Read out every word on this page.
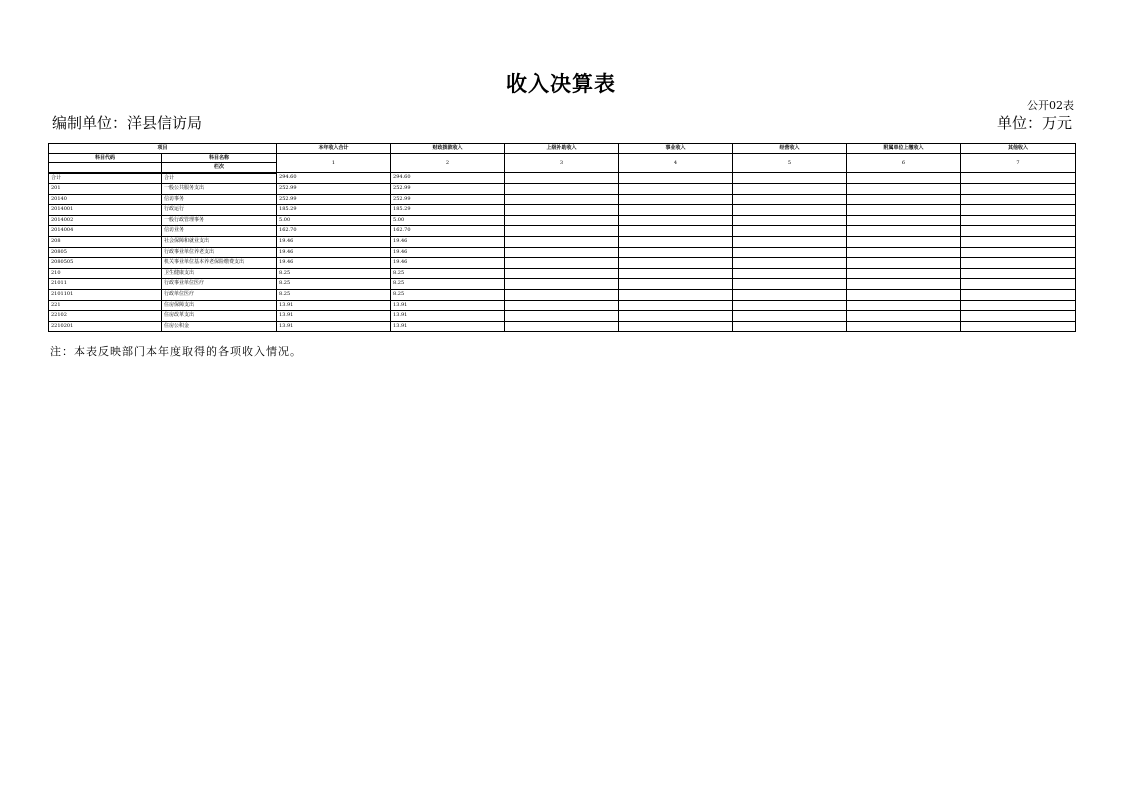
收入决算表
公开02表
编制单位：洋县信访局	单位：万元
项目		本年收入合计	财政拨款收入	上级补助收入	事业收入	经营收入	附属单位上缴收入	其他收入
科目代码	科目名称	1	2	3	4	5	6	7
	栏次							
合计	合计	294.60	294.60					
201	一般公共服务支出	252.99	252.99					
20140	信访事务	252.99	252.99					
2014001	行政运行	185.29	185.29					
2014002	一般行政管理事务	5.00	5.00					
2014004	信访业务	162.70	162.70					
208	社会保障和就业支出	19.46	19.46					
20805	行政事业单位养老支出	19.46	19.46					
2080505	机关事业单位基本养老保险缴费支出	19.46	19.46					
210	卫生健康支出	8.25	8.25					
21011	行政事业单位医疗	8.25	8.25					
2101101	行政单位医疗	8.25	8.25					
221	住房保障支出	13.91	13.91					
22102	住房改革支出	13.91	13.91					
2210201	住房公积金	13.91	13.91					
注：本表反映部门本年度取得的各项收入情况。
